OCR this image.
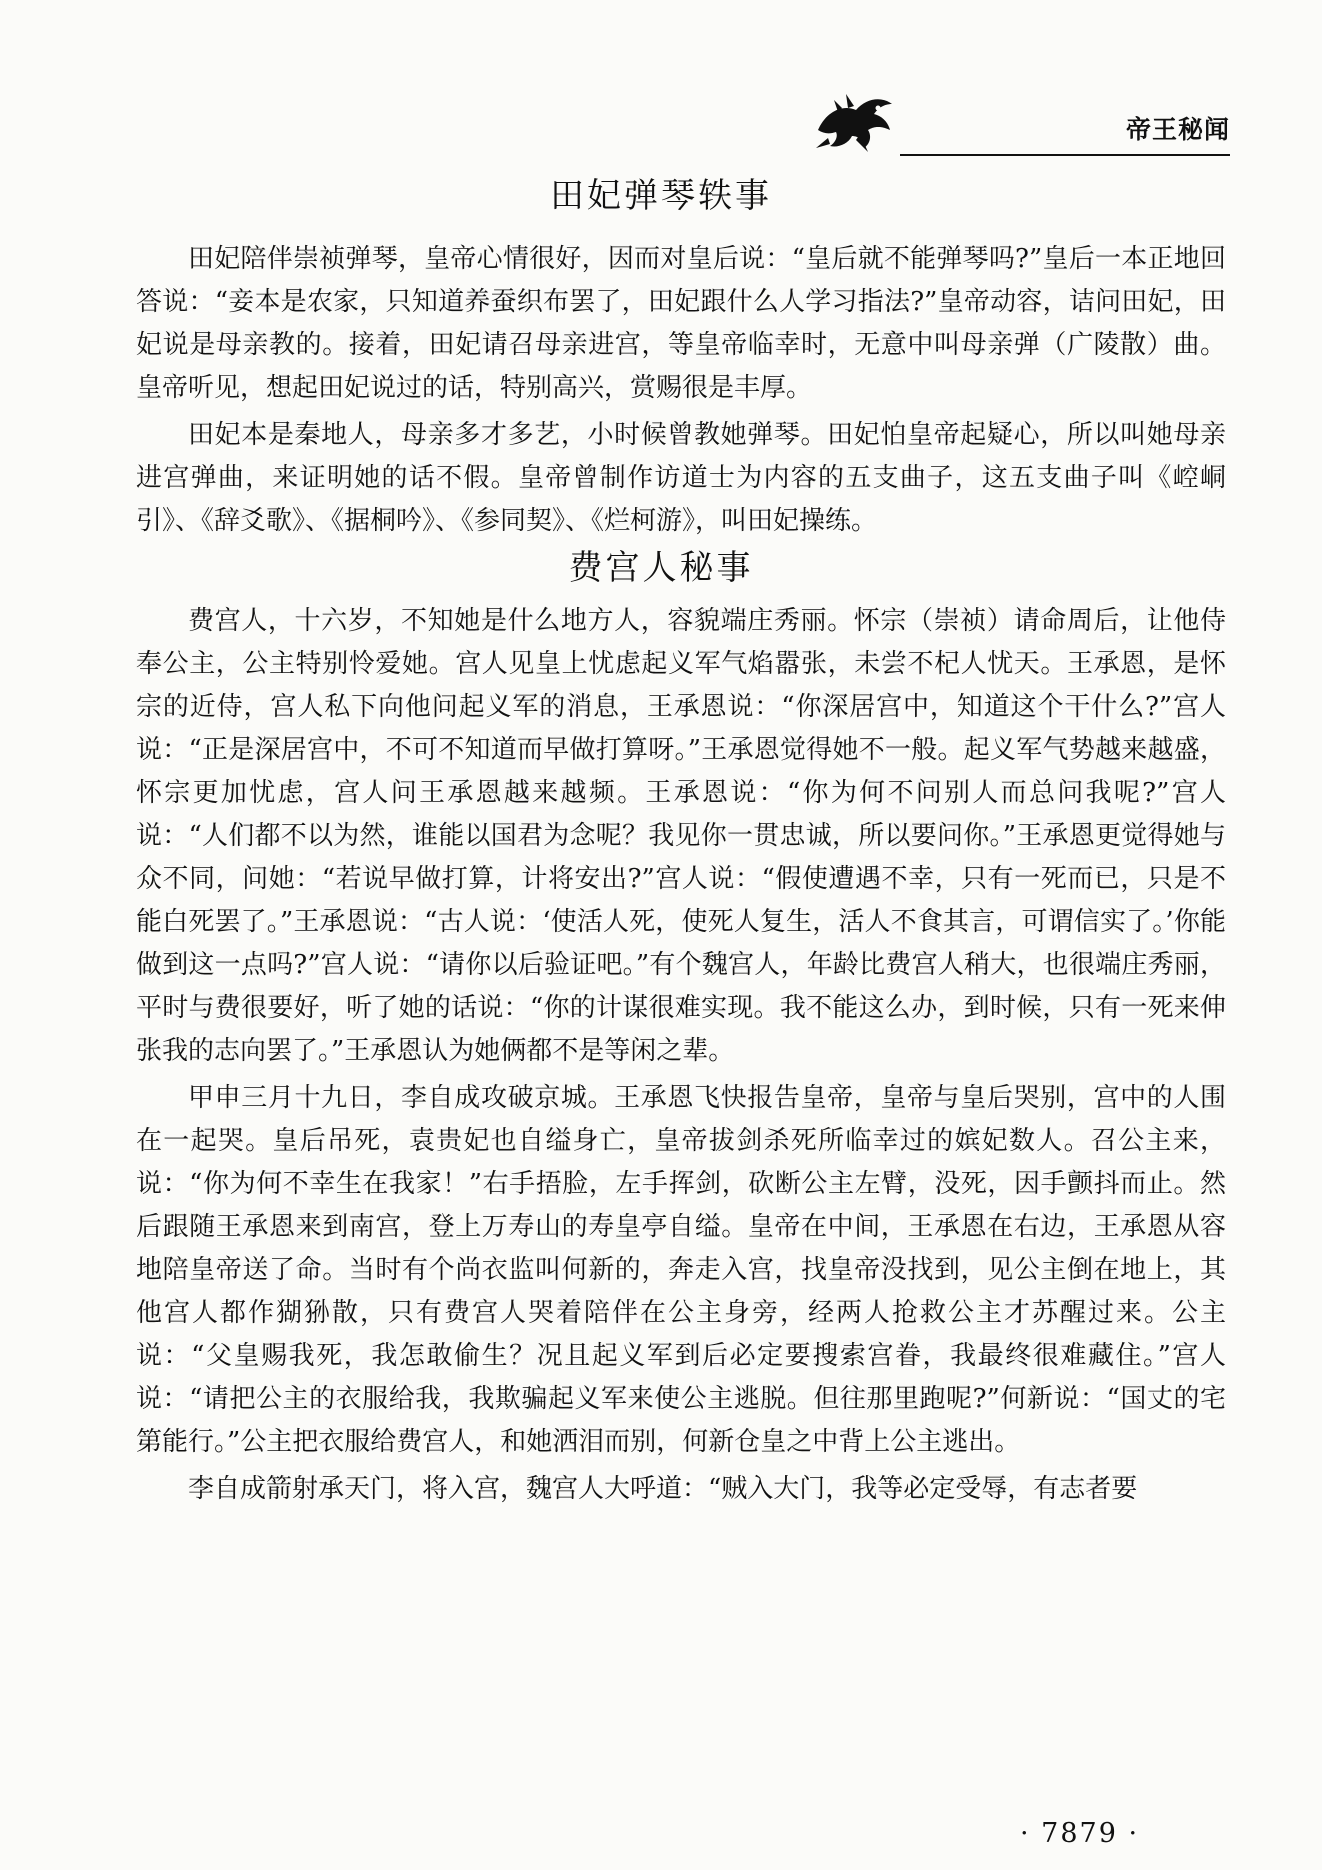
帝王秘闻
田妃弹琴轶事

田妃陪伴崇祯弹琴，皇帝心情很好，因而对皇后说：“皇后就不能弹琴吗?”皇后一本正地回答说：“妾本是农家，只知道养蚕织布罢了，田妃跟什么人学习指法?”皇帝动容，诘问田妃，田妃说是母亲教的。接着，田妃请召母亲进宫，等皇帝临幸时，无意中叫母亲弹（广陵散）曲。皇帝听见，想起田妃说过的话，特别高兴，赏赐很是丰厚。

田妃本是秦地人，母亲多才多艺，小时候曾教她弹琴。田妃怕皇帝起疑心，所以叫她母亲进宫弹曲，来证明她的话不假。皇帝曾制作访道士为内容的五支曲子，这五支曲子叫《崆峒引》、《辞爻歌》、《据桐吟》、《参同契》、《烂柯游》，叫田妃操练。

费宫人秘事

费宫人，十六岁，不知她是什么地方人，容貌端庄秀丽。怀宗（崇祯）请命周后，让他侍奉公主，公主特别怜爱她。宫人见皇上忧虑起义军气焰嚣张，未尝不杞人忧天。王承恩，是怀宗的近侍，宫人私下向他问起义军的消息，王承恩说：“你深居宫中，知道这个干什么?”宫人说：“正是深居宫中，不可不知道而早做打算呀。”王承恩觉得她不一般。起义军气势越来越盛，怀宗更加忧虑，宫人问王承恩越来越频。王承恩说：“你为何不问别人而总问我呢?”宫人说：“人们都不以为然，谁能以国君为念呢？我见你一贯忠诚，所以要问你。”王承恩更觉得她与众不同，问她：“若说早做打算，计将安出?”宫人说：“假使遭遇不幸，只有一死而已，只是不能白死罢了。”王承恩说：“古人说：‘使活人死，使死人复生，活人不食其言，可谓信实了。’你能做到这一点吗?”宫人说：“请你以后验证吧。”有个魏宫人，年龄比费宫人稍大，也很端庄秀丽，平时与费很要好，听了她的话说：“你的计谋很难实现。我不能这么办，到时候，只有一死来伸张我的志向罢了。”王承恩认为她俩都不是等闲之辈。

甲申三月十九日，李自成攻破京城。王承恩飞快报告皇帝，皇帝与皇后哭别，宫中的人围在一起哭。皇后吊死，袁贵妃也自缢身亡，皇帝拔剑杀死所临幸过的嫔妃数人。召公主来，说：“你为何不幸生在我家！”右手捂脸，左手挥剑，砍断公主左臂，没死，因手颤抖而止。然后跟随王承恩来到南宫，登上万寿山的寿皇亭自缢。皇帝在中间，王承恩在右边，王承恩从容地陪皇帝送了命。当时有个尚衣监叫何新的，奔走入宫，找皇帝没找到，见公主倒在地上，其他宫人都作猢狲散，只有费宫人哭着陪伴在公主身旁，经两人抢救公主才苏醒过来。公主说：“父皇赐我死，我怎敢偷生？况且起义军到后必定要搜索宫眷，我最终很难藏住。”宫人说：“请把公主的衣服给我，我欺骗起义军来使公主逃脱。但往那里跑呢?”何新说：“国丈的宅第能行。”公主把衣服给费宫人，和她洒泪而别，何新仓皇之中背上公主逃出。

李自成箭射承天门，将入宫，魏宫人大呼道：“贼入大门，我等必定受辱，有志者要

· 7879 ·
